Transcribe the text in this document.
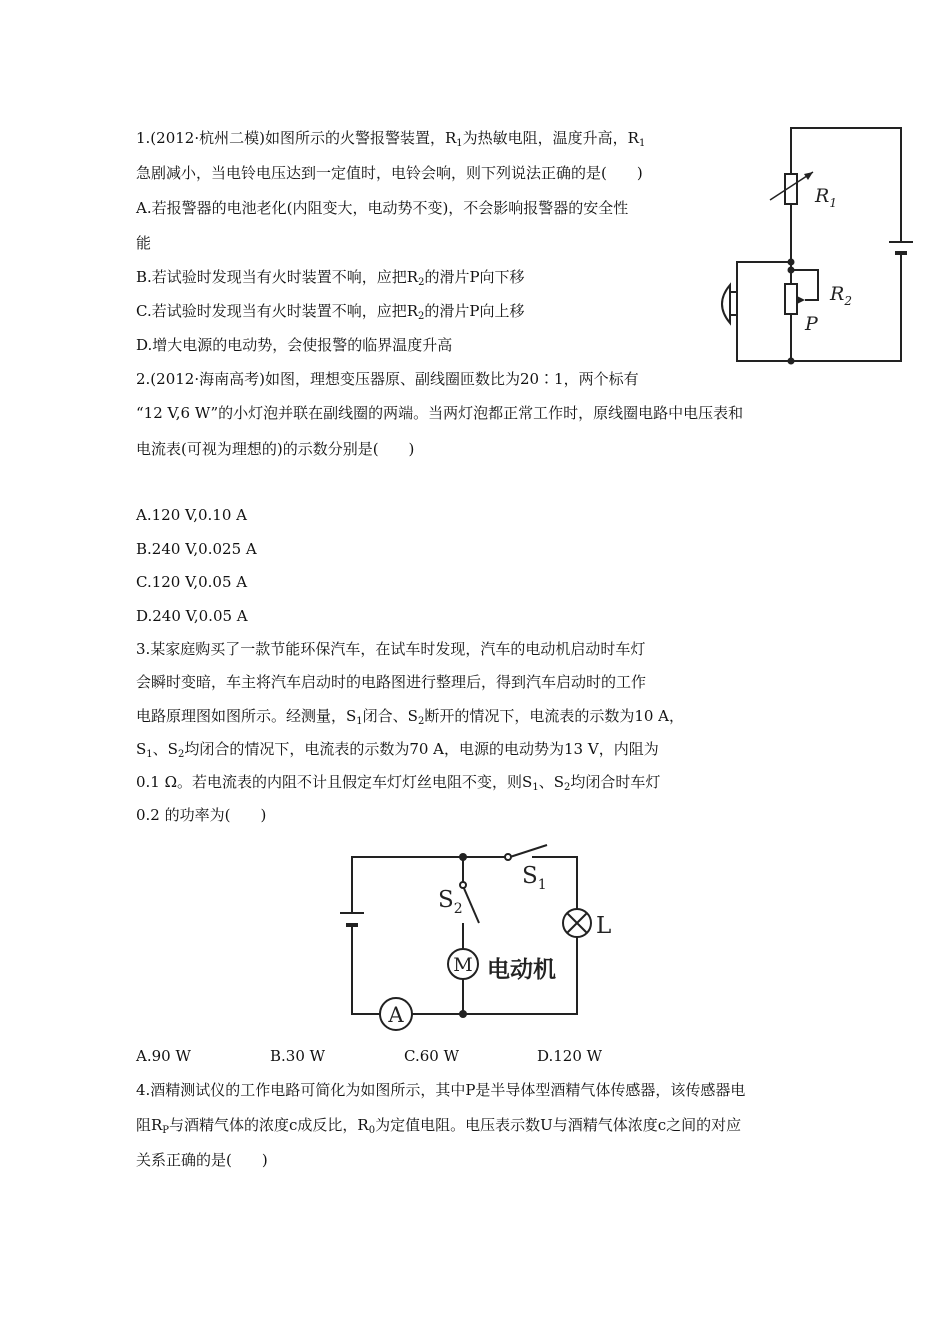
1.(2012·杭州二模)如图所示的火警报警装置，$R_1$为热敏电阻，温度升高，$R_1$
急剧减小，当电铃电压达到一定值时，电铃会响，则下列说法正确的是(　　)
A.若报警器的电池老化(内阻变大，电动势不变)，不会影响报警器的安全性
能
B.若试验时发现当有火时装置不响，应把$R_2$的滑片P向下移
C.若试验时发现当有火时装置不响，应把$R_2$的滑片P向上移
D.增大电源的电动势，会使报警的临界温度升高
$R_1$
$R_2$
P
2.(2012·海南高考)如图，理想变压器原、副线圈匝数比为20∶1，两个标有
“12 V,6 W”的小灯泡并联在副线圈的两端。当两灯泡都正常工作时，原线圈电路中电压表和
电流表(可视为理想的)的示数分别是(　　)
A.120 V,0.10 A
B.240 V,0.025 A
C.120 V,0.05 A
D.240 V,0.05 A
3.某家庭购买了一款节能环保汽车，在试车时发现，汽车的电动机启动时车灯
会瞬时变暗，车主将汽车启动时的电路图进行整理后，得到汽车启动时的工作
电路原理图如图所示。经测量，$S_1$闭合、$S_2$断开的情况下，电流表的示数为10 A，
$S_1$、$S_2$均闭合的情况下，电流表的示数为70 A，电源的电动势为13 V，内阻为
0.1 Ω。若电流表的内阻不计且假定车灯灯丝电阻不变，则$S_1$、$S_2$均闭合时车灯
0.2 的功率为(　　)
M
A
$S_1$
$S_2$
L
电动机
A.90 W	B.30 W	C.60 W	D.120 W
4.酒精测试仪的工作电路可简化为如图所示，其中P是半导体型酒精气体传感器，该传感器电
阻$R_P$与酒精气体的浓度c成反比，$R_0$为定值电阻。电压表示数U与酒精气体浓度c之间的对应
关系正确的是(　　)
